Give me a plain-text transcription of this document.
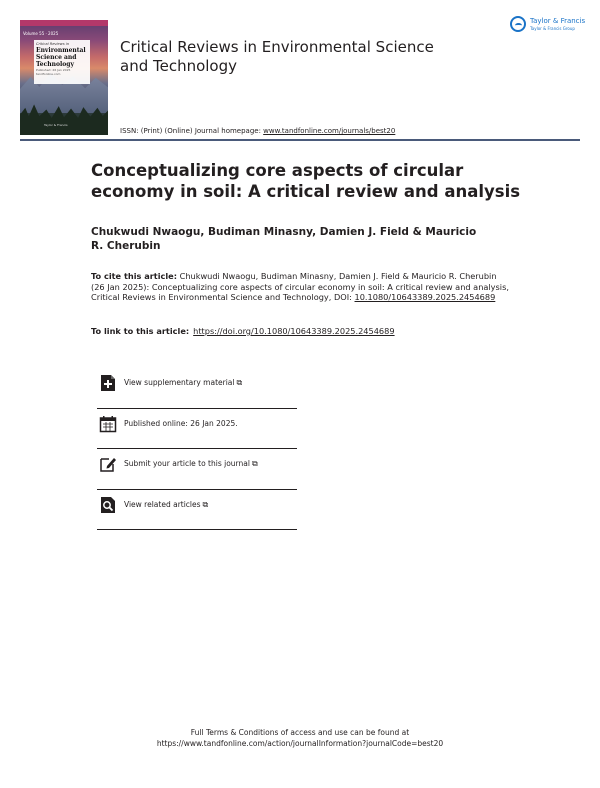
Volume 55 · 2025
Critical Reviews in
Environmental
Science and
Technology
Published: 26 Jan 2025
tandfonline.com
Taylor & Francis
Critical Reviews in Environmental Science and Technology
Taylor & Francis
Taylor & Francis Group
ISSN: (Print) (Online) Journal homepage: www.tandfonline.com/journals/best20
Conceptualizing core aspects of circular economy in soil: A critical review and analysis
Chukwudi Nwaogu, Budiman Minasny, Damien J. Field & Mauricio R. Cherubin
To cite this article: Chukwudi Nwaogu, Budiman Minasny, Damien J. Field & Mauricio R. Cherubin (26 Jan 2025): Conceptualizing core aspects of circular economy in soil: A critical review and analysis, Critical Reviews in Environmental Science and Technology, DOI: 10.1080/10643389.2025.2454689
To link to this article: https://doi.org/10.1080/10643389.2025.2454689
View supplementary material ⧉
Published online: 26 Jan 2025.
Submit your article to this journal ⧉
View related articles ⧉
Full Terms & Conditions of access and use can be found at
https://www.tandfonline.com/action/journalInformation?journalCode=best20
